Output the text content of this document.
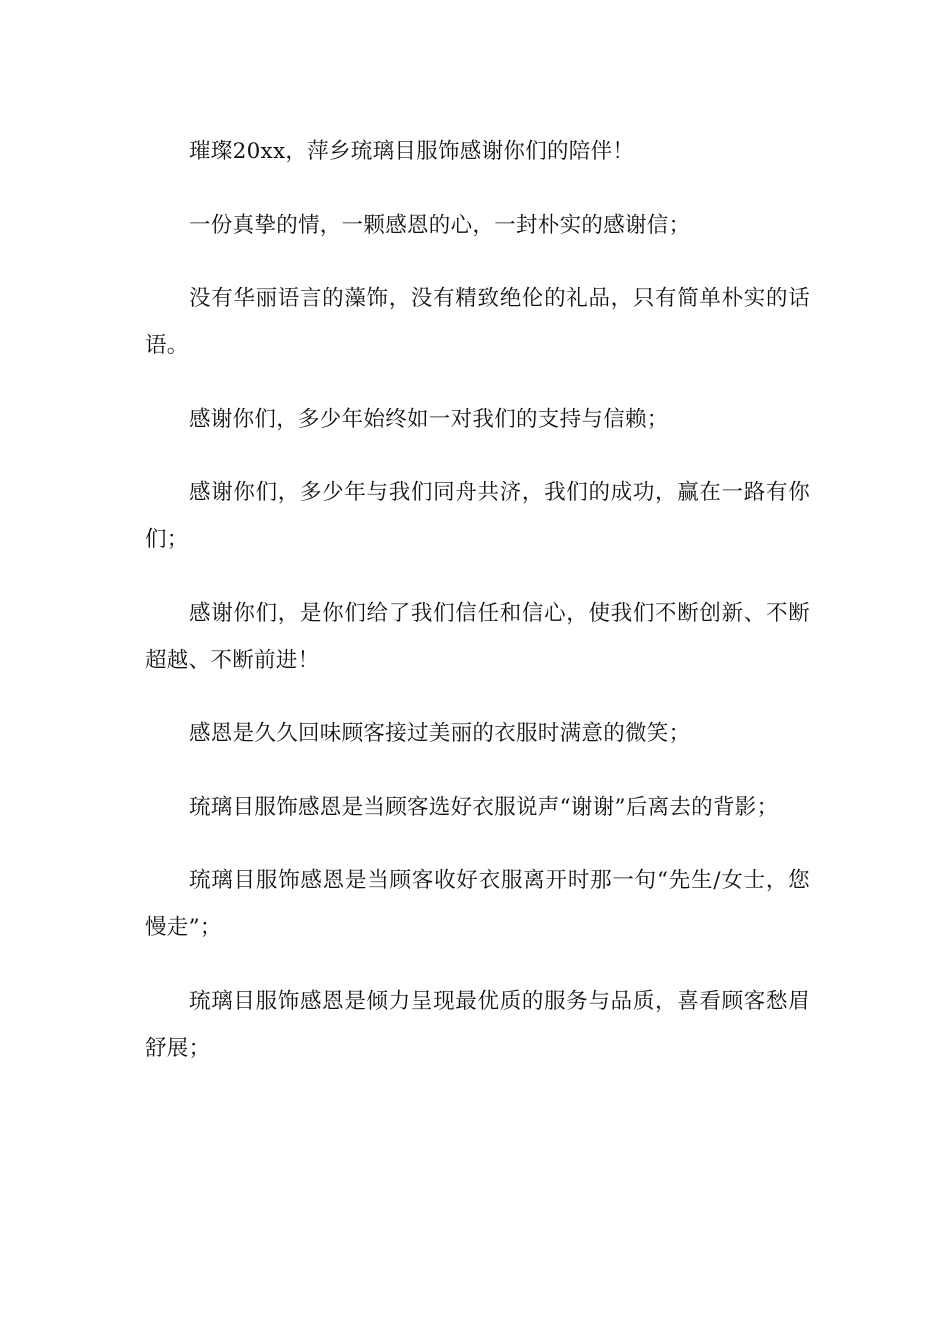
璀璨20xx，萍乡琉璃目服饰感谢你们的陪伴！

一份真挚的情，一颗感恩的心，一封朴实的感谢信；

没有华丽语言的藻饰，没有精致绝伦的礼品，只有简单朴实的话语。

感谢你们，多少年始终如一对我们的支持与信赖；

感谢你们，多少年与我们同舟共济，我们的成功，赢在一路有你们；

感谢你们，是你们给了我们信任和信心，使我们不断创新、不断超越、不断前进！

感恩是久久回味顾客接过美丽的衣服时满意的微笑；

琉璃目服饰感恩是当顾客选好衣服说声“谢谢”后离去的背影；

琉璃目服饰感恩是当顾客收好衣服离开时那一句“先生/女士，您慢走”；

琉璃目服饰感恩是倾力呈现最优质的服务与品质，喜看顾客愁眉舒展；
